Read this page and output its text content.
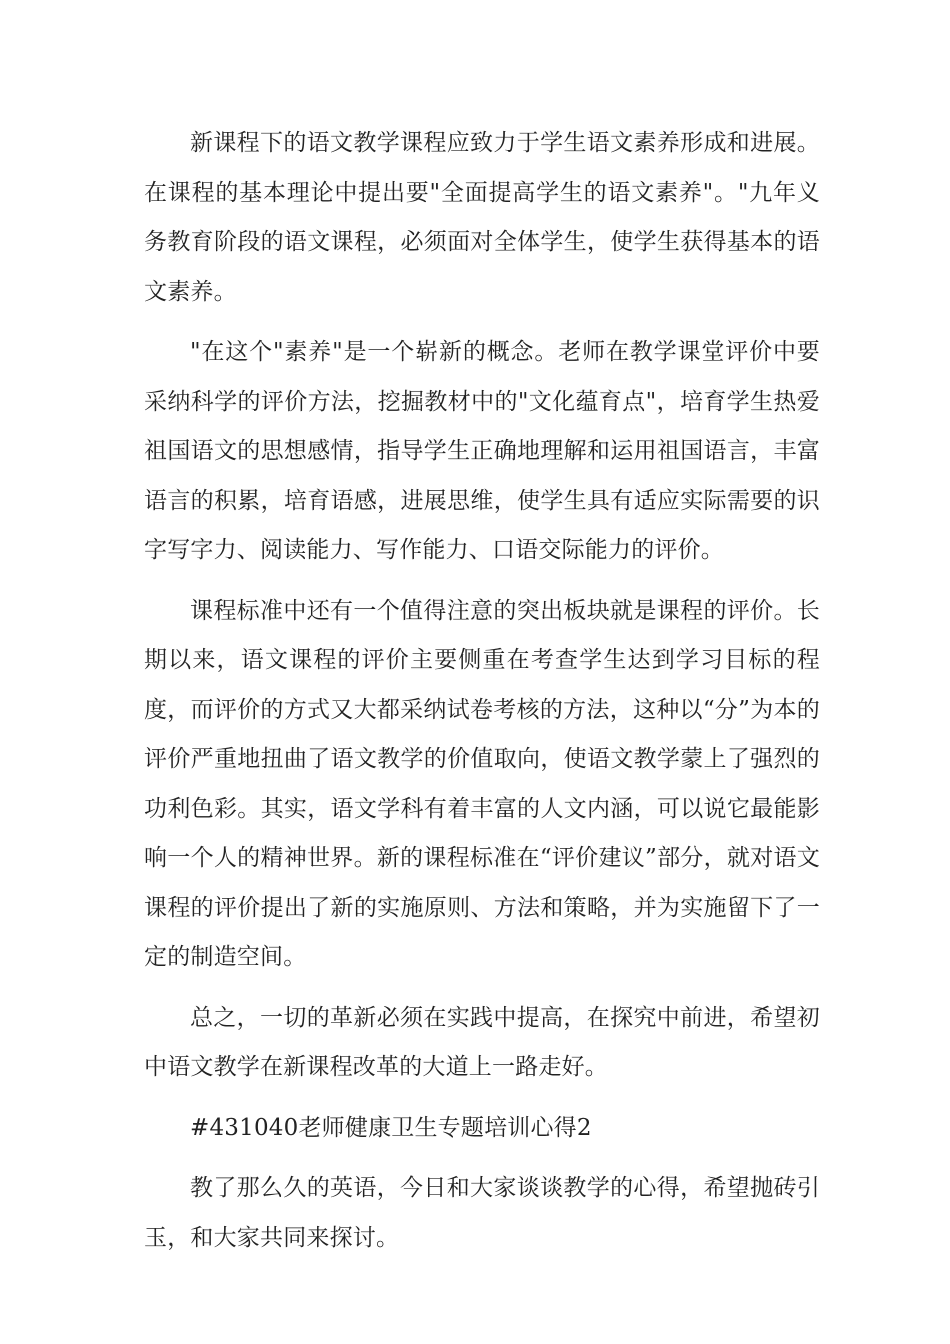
新课程下的语文教学课程应致力于学生语文素养形成和进展。在课程的基本理论中提出要"全面提高学生的语文素养"。"九年义务教育阶段的语文课程，必须面对全体学生，使学生获得基本的语文素养。

"在这个"素养"是一个崭新的概念。老师在教学课堂评价中要采纳科学的评价方法，挖掘教材中的"文化蕴育点"，培育学生热爱祖国语文的思想感情，指导学生正确地理解和运用祖国语言，丰富语言的积累，培育语感，进展思维，使学生具有适应实际需要的识字写字力、阅读能力、写作能力、口语交际能力的评价。

课程标准中还有一个值得注意的突出板块就是课程的评价。长期以来，语文课程的评价主要侧重在考查学生达到学习目标的程度，而评价的方式又大都采纳试卷考核的方法，这种以“分”为本的评价严重地扭曲了语文教学的价值取向，使语文教学蒙上了强烈的功利色彩。其实，语文学科有着丰富的人文内涵，可以说它最能影响一个人的精神世界。新的课程标准在“评价建议”部分，就对语文课程的评价提出了新的实施原则、方法和策略，并为实施留下了一定的制造空间。

总之，一切的革新必须在实践中提高，在探究中前进，希望初中语文教学在新课程改革的大道上一路走好。

#431040老师健康卫生专题培训心得2

教了那么久的英语，今日和大家谈谈教学的心得，希望抛砖引玉，和大家共同来探讨。
